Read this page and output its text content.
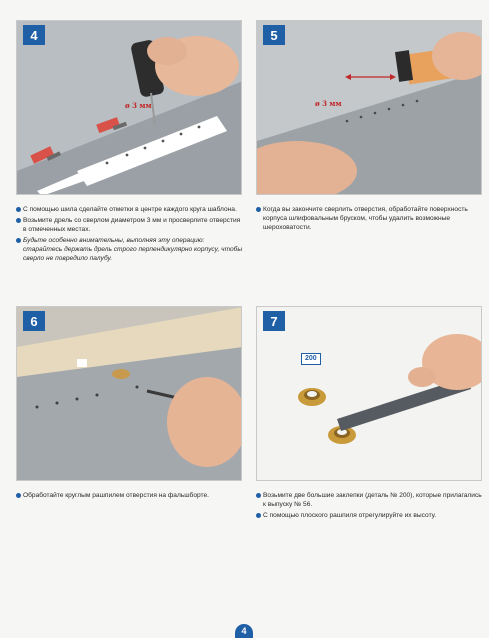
4
ø 3 мм
С помощью шила сделайте отметки в центре каждого круга шаблона.
Возьмите дрель со сверлом диаметром 3 мм и просверлите отверстия в отмеченных местах.
Будьте особенно внимательны, выполняя эту операцию: старайтесь держать дрель строго перпендикулярно корпусу, чтобы сверло не повредило палубу.
5
ø 3 мм
Когда вы закончите сверлить отверстия, обработайте поверхность корпуса шлифовальным бруском, чтобы удалить возможные шероховатости.
6
Обработайте круглым рашпилем отверстия на фальшборте.
7
200
Возьмите две большие заклепки (деталь № 200), которые прилагались к выпуску № 56.
С помощью плоского рашпиля отрегулируйте их высоту.
4
